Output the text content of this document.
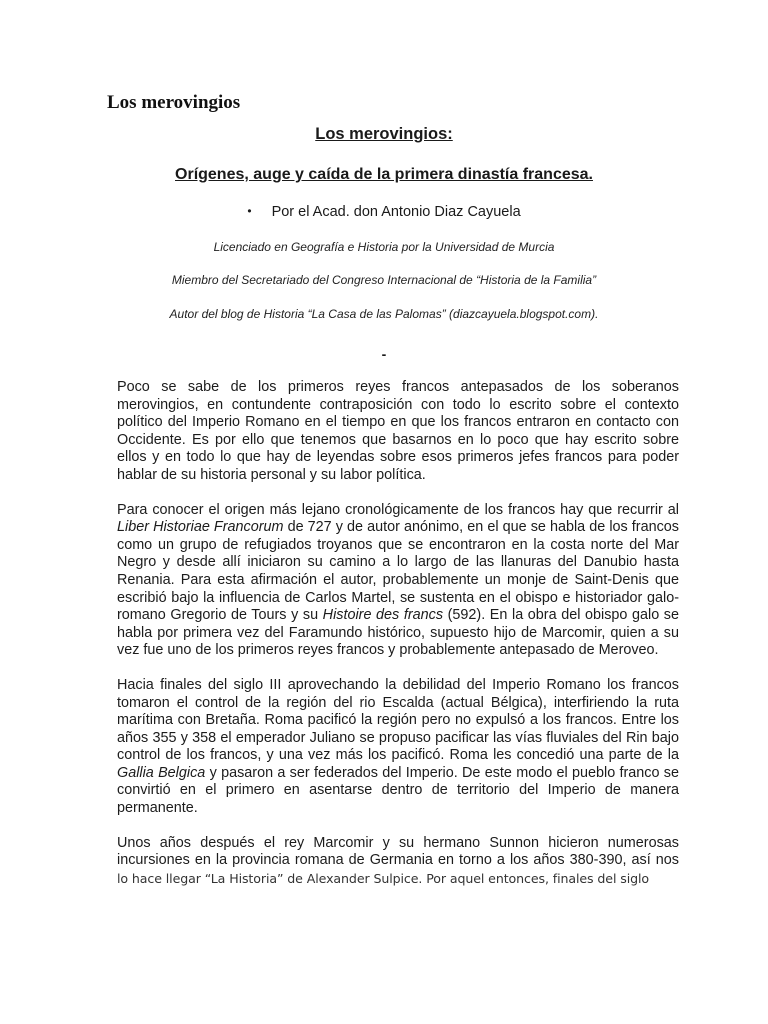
Los merovingios
Los merovingios:
Orígenes, auge y caída de la primera dinastía francesa.
• Por el Acad. don Antonio Diaz Cayuela
Licenciado en Geografía e Historia por la Universidad de Murcia
Miembro del Secretariado del Congreso Internacional de “Historia de la Familia”
Autor del blog de Historia “La Casa de las Palomas” (diazcayuela.blogspot.com).
-

Poco se sabe de los primeros reyes francos antepasados de los soberanos merovingios, en contundente contraposición con todo lo escrito sobre el contexto político del Imperio Romano en el tiempo en que los francos entraron en contacto con Occidente. Es por ello que tenemos que basarnos en lo poco que hay escrito sobre ellos y en todo lo que hay de leyendas sobre esos primeros jefes francos para poder hablar de su historia personal y su labor política.

Para conocer el origen más lejano cronológicamente de los francos hay que recurrir al Liber Historiae Francorum de 727 y de autor anónimo, en el que se habla de los francos como un grupo de refugiados troyanos que se encontraron en la costa norte del Mar Negro y desde allí iniciaron su camino a lo largo de las llanuras del Danubio hasta Renania. Para esta afirmación el autor, probablemente un monje de Saint-Denis que escribió bajo la influencia de Carlos Martel, se sustenta en el obispo e historiador galo-romano Gregorio de Tours y su Histoire des francs (592). En la obra del obispo galo se habla por primera vez del Faramundo histórico, supuesto hijo de Marcomir, quien a su vez fue uno de los primeros reyes francos y probablemente antepasado de Meroveo.

Hacia finales del siglo III aprovechando la debilidad del Imperio Romano los francos tomaron el control de la región del rio Escalda (actual Bélgica), interfiriendo la ruta marítima con Bretaña. Roma pacificó la región pero no expulsó a los francos. Entre los años 355 y 358 el emperador Juliano se propuso pacificar las vías fluviales del Rin bajo control de los francos, y una vez más los pacificó. Roma les concedió una parte de la Gallia Belgica y pasaron a ser federados del Imperio. De este modo el pueblo franco se convirtió en el primero en asentarse dentro de territorio del Imperio de manera permanente.

Unos años después el rey Marcomir y su hermano Sunnon hicieron numerosas incursiones en la provincia romana de Germania en torno a los años 380-390, así nos lo hace llegar “La Historia” de Alexander Sulpice. Por aquel entonces, finales del siglo
